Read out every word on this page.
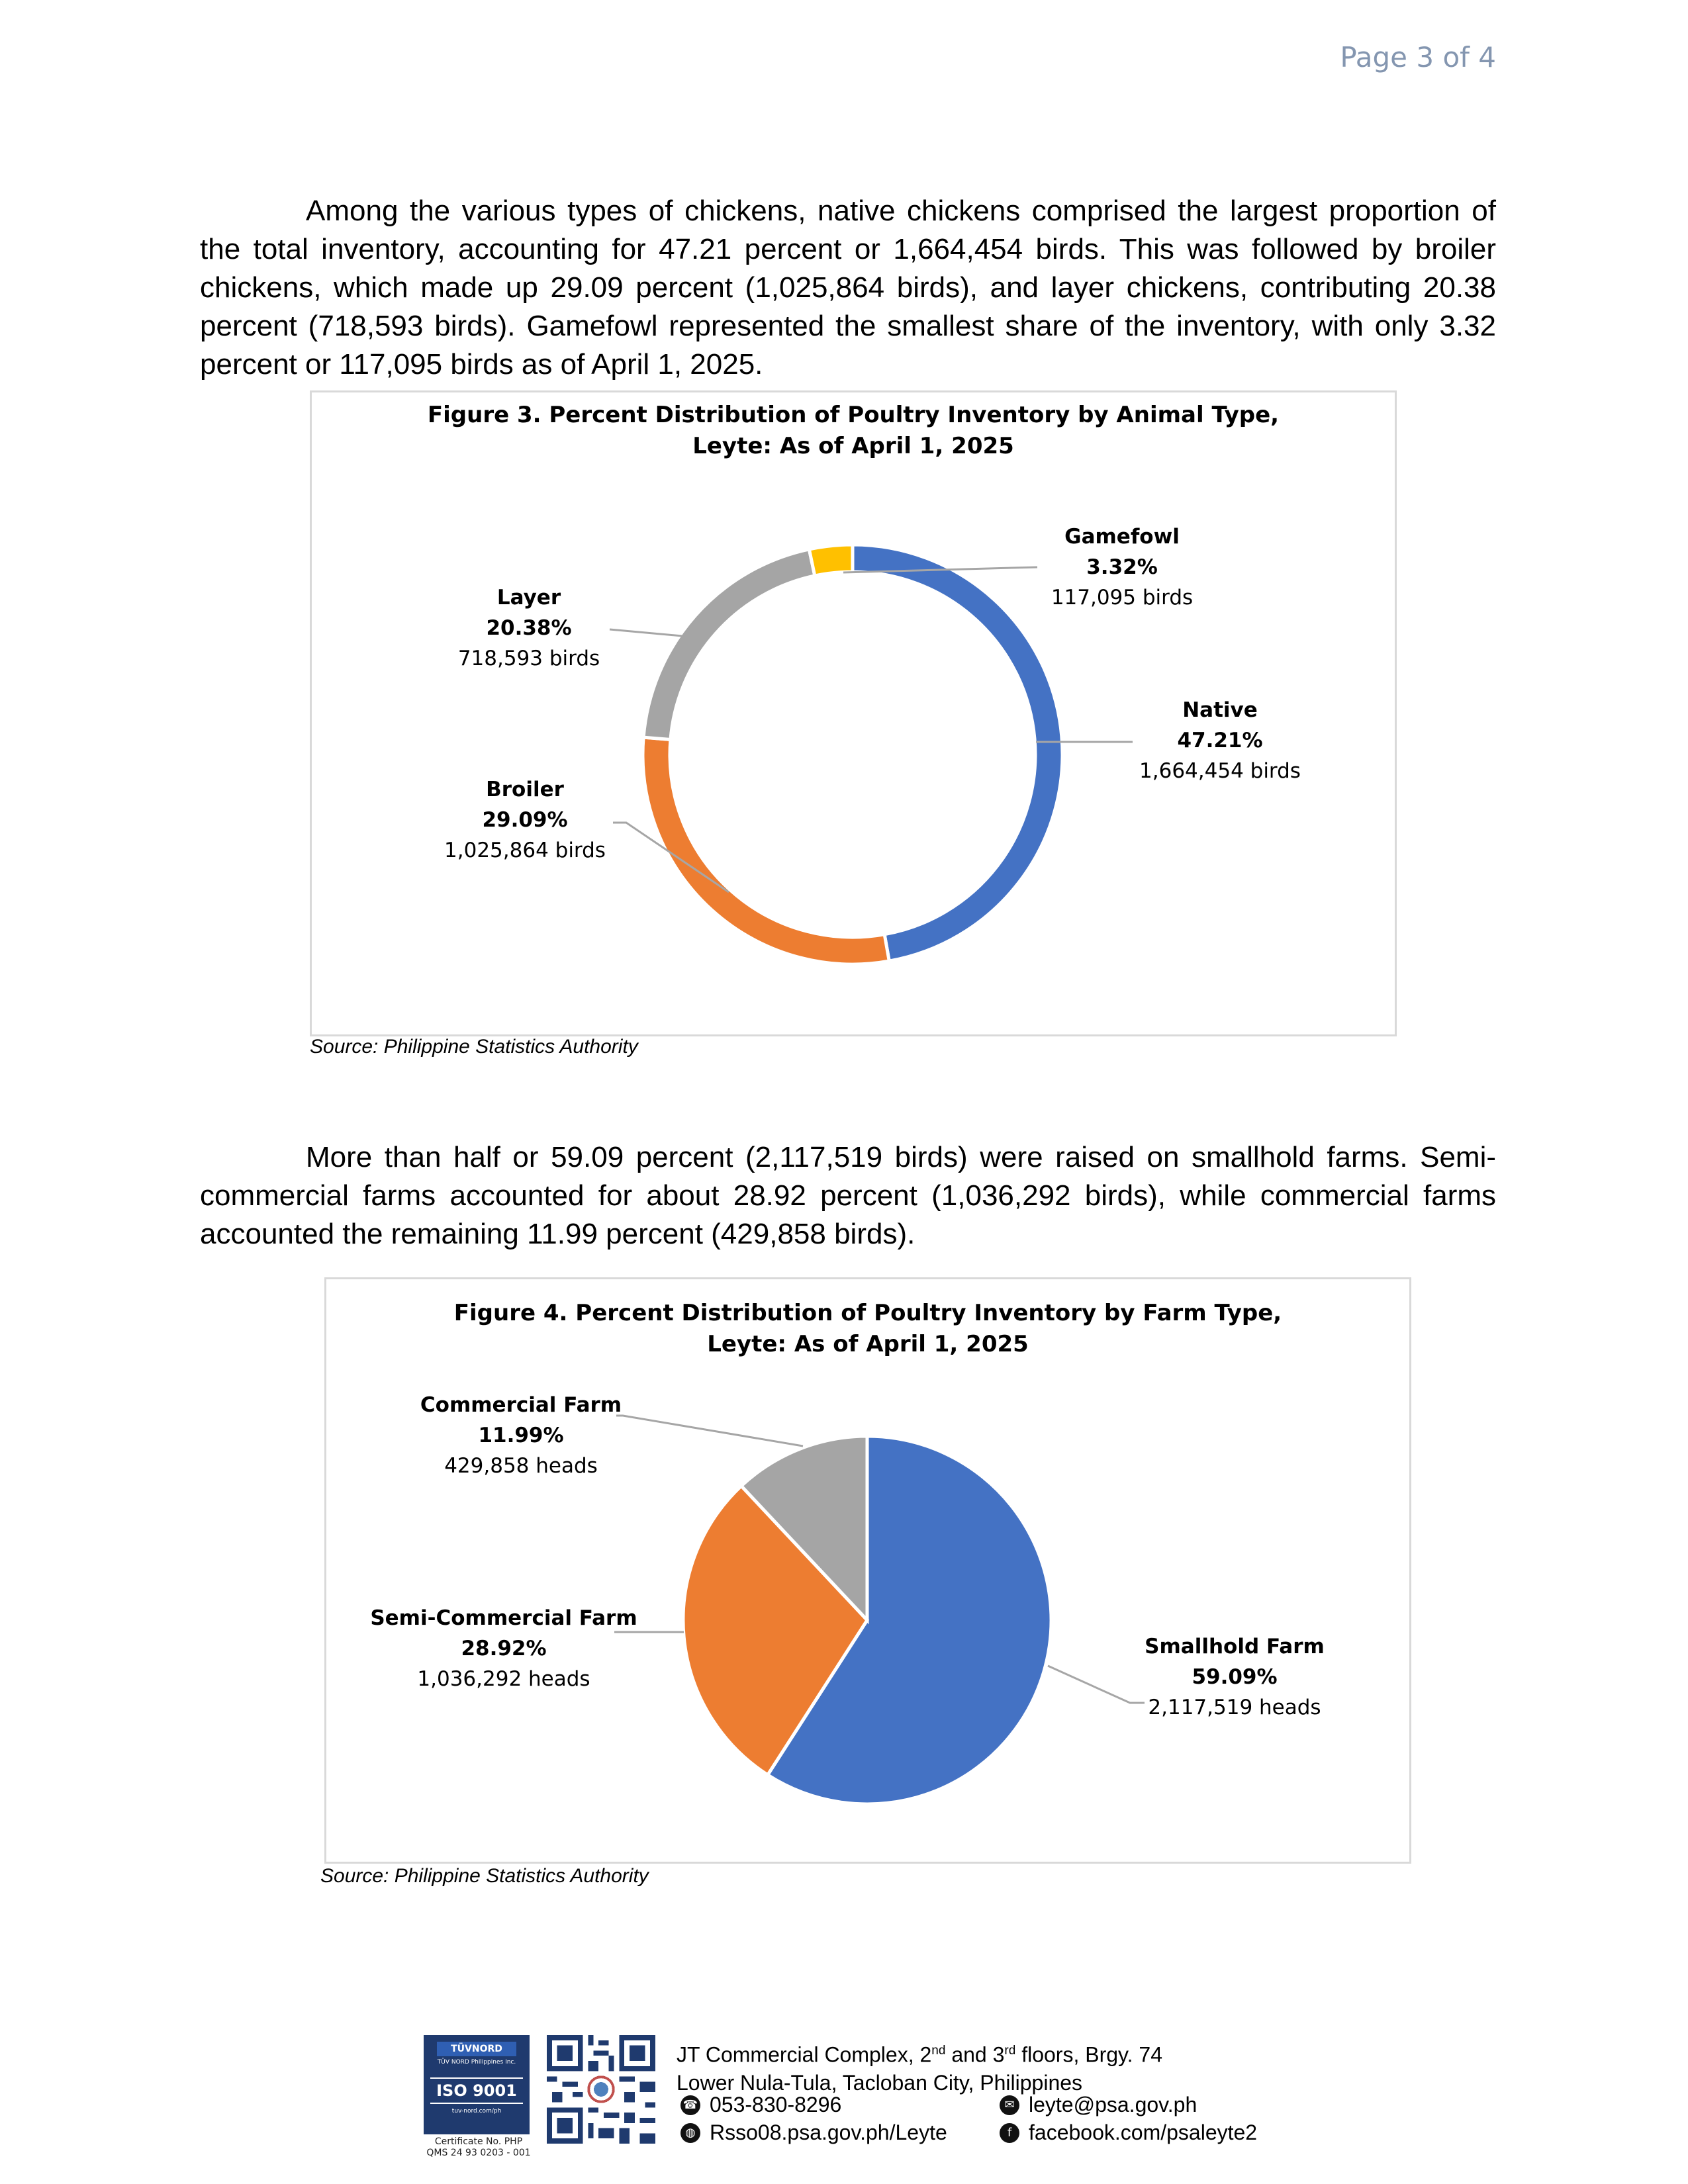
Page 3 of 4

Among the various types of chickens, native chickens comprised the largest proportion of the total inventory, accounting for 47.21 percent or 1,664,454 birds. This was followed by broiler chickens, which made up 29.09 percent (1,025,864 birds), and layer chickens, contributing 20.38 percent (718,593 birds). Gamefowl represented the smallest share of the inventory, with only 3.32 percent or 117,095 birds as of April 1, 2025.

Figure 3. Percent Distribution of Poultry Inventory by Animal Type,
Leyte: As of April 1, 2025
Native
47.21%
1,664,454 birds
Gamefowl
3.32%
117,095 birds
Layer
20.38%
718,593 birds
Broiler
29.09%
1,025,864 birds
Source: Philippine Statistics Authority

More than half or 59.09 percent (2,117,519 birds) were raised on smallhold farms. Semi-commercial farms accounted for about 28.92 percent (1,036,292 birds), while commercial farms accounted the remaining 11.99 percent (429,858 birds).

Figure 4. Percent Distribution of Poultry Inventory by Farm Type,
Leyte: As of April 1, 2025
Smallhold Farm
59.09%
2,117,519 heads
Semi-Commercial Farm
28.92%
1,036,292 heads
Commercial Farm
11.99%
429,858 heads
Source: Philippine Statistics Authority
TÜVNORD
TÜV NORD Philippines Inc.
ISO 9001
tuv-nord.com/ph
Certificate No. PHP
QMS 24 93 0203 - 001
JT Commercial Complex, 2nd and 3rd floors, Brgy. 74
Lower Nula-Tula, Tacloban City, Philippines
☎ 053-830-8296	✉ leyte@psa.gov.ph
◍ Rsso08.psa.gov.ph/Leyte	f facebook.com/psaleyte2
